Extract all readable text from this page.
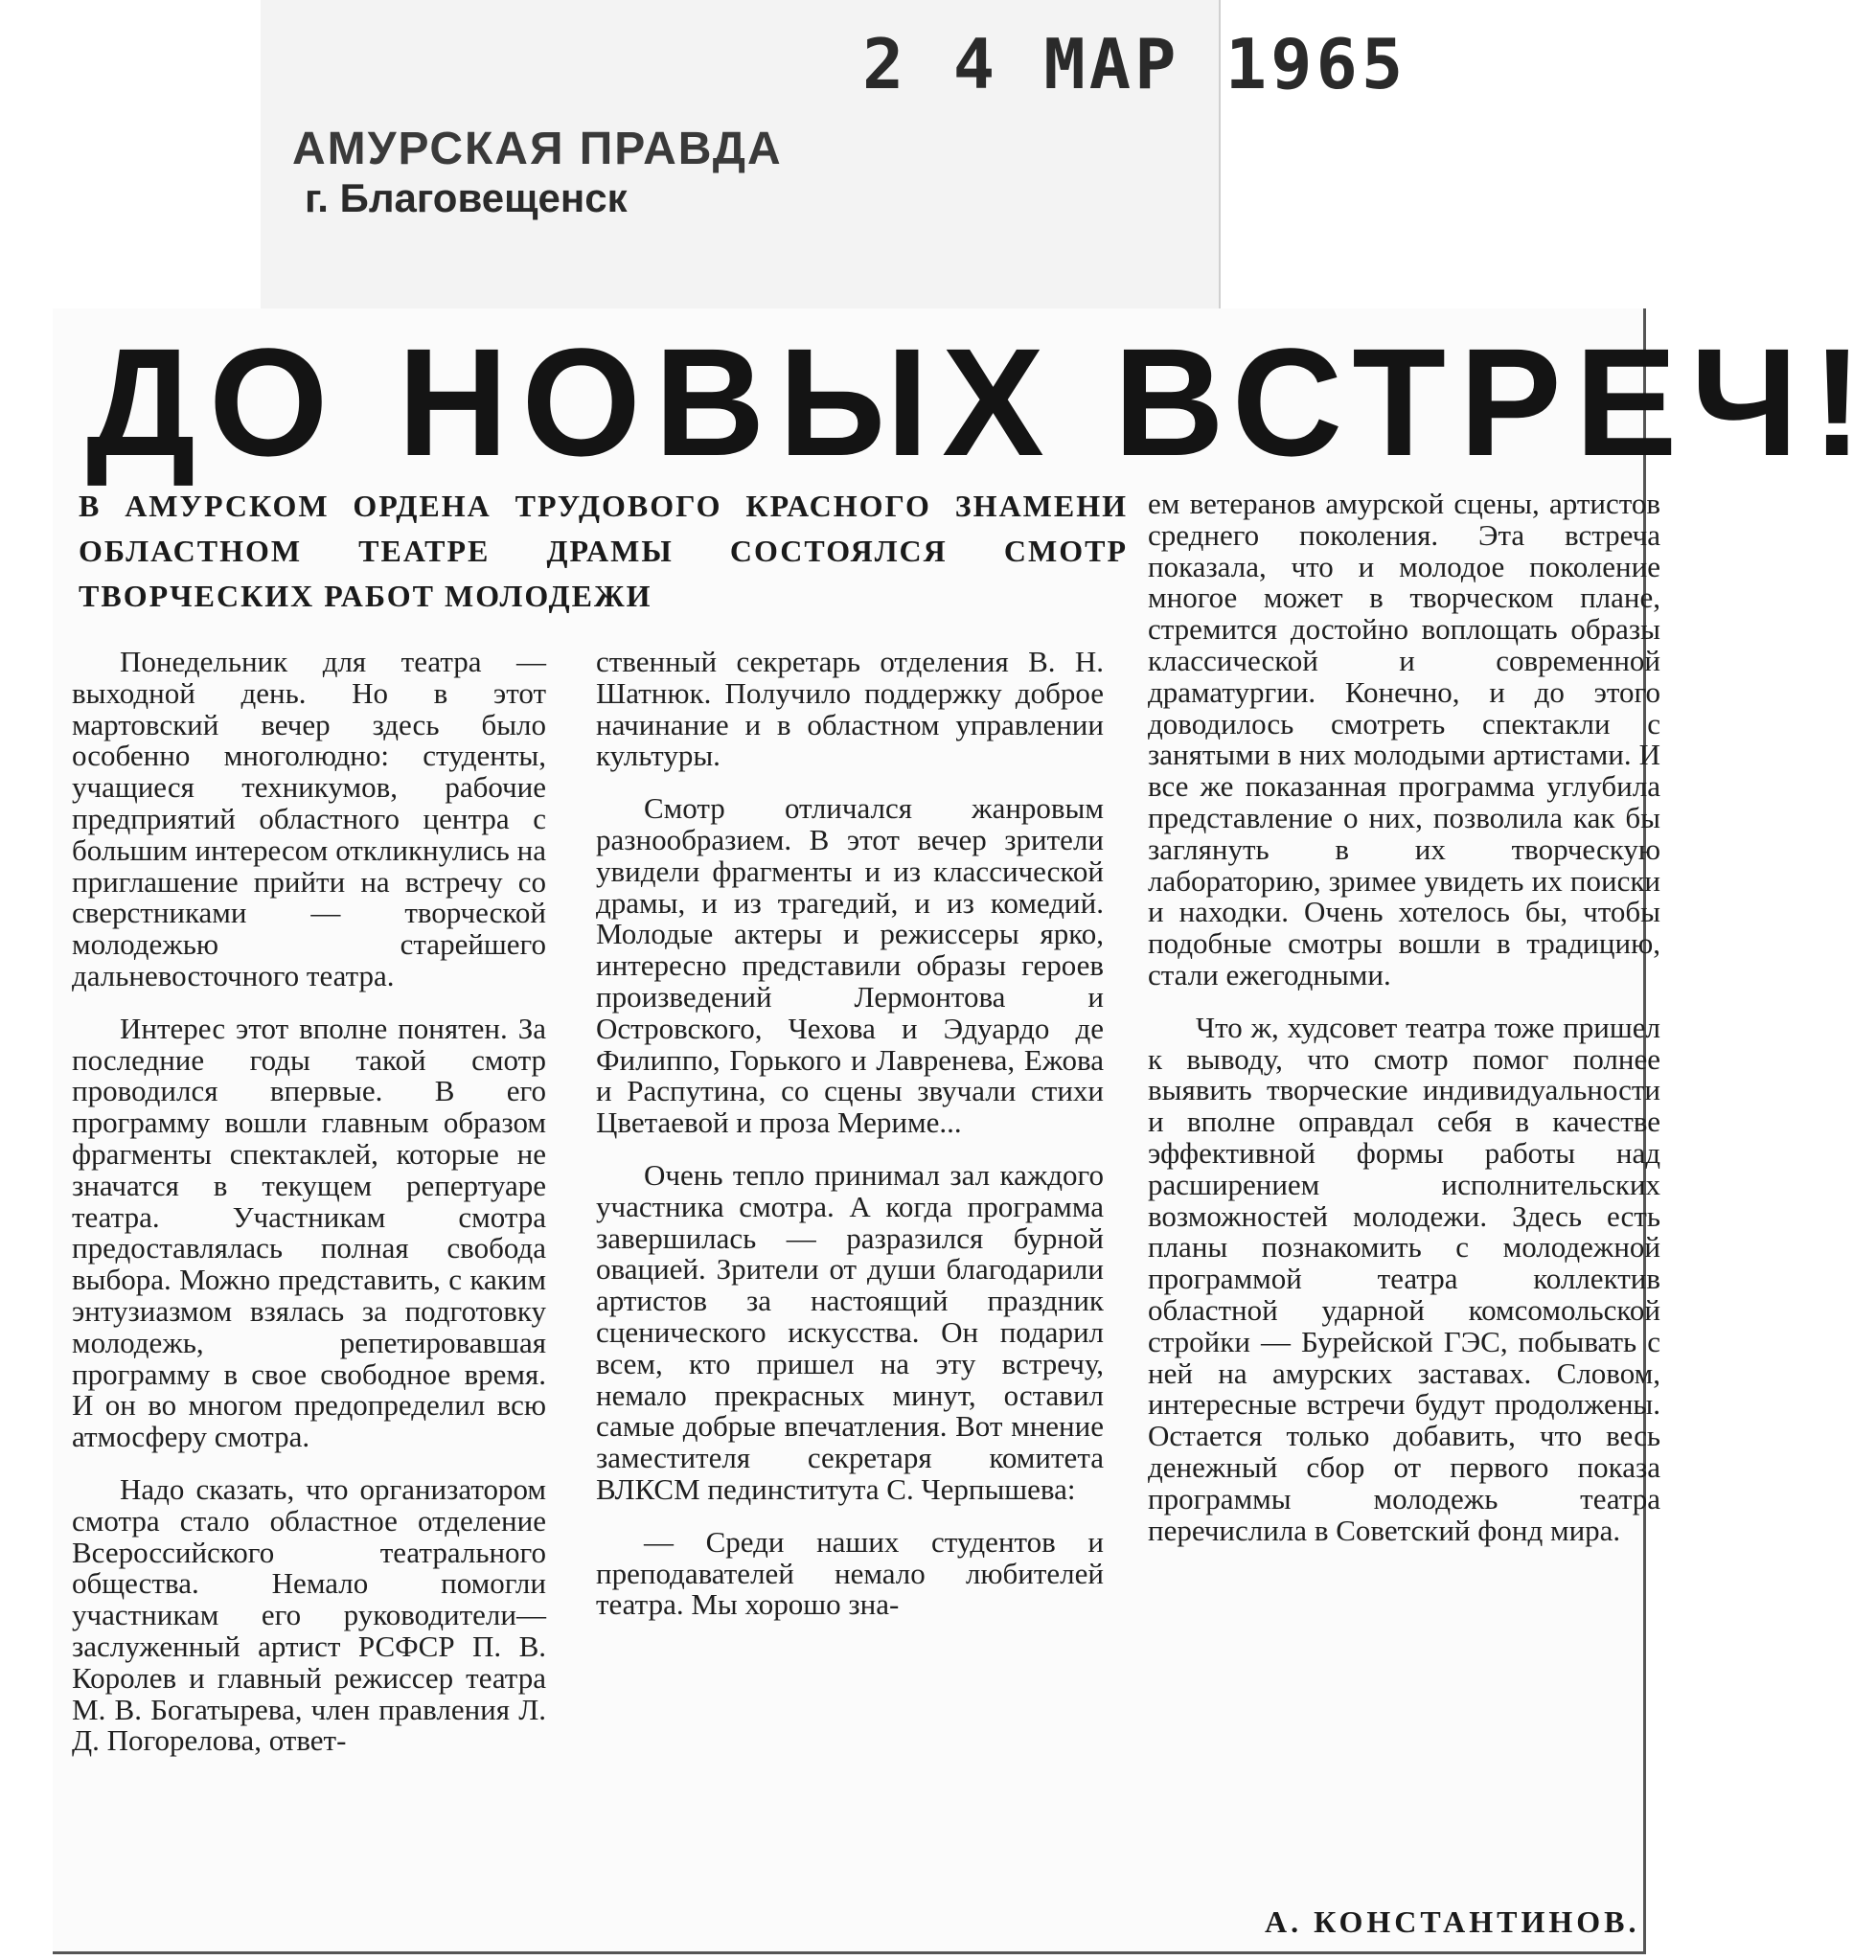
2 4 МАР 1965
АМУРСКАЯ ПРАВДА
г. Благовещенск
ДО НОВЫХ ВСТРЕЧ!
В АМУРСКОМ ОРДЕНА ТРУДОВОГО КРАСНОГО ЗНАМЕНИ ОБЛАСТНОМ ТЕАТРЕ ДРАМЫ СОСТОЯЛСЯ СМОТР ТВОРЧЕСКИХ РАБОТ МОЛОДЕЖИ

Понедельник для театра — выходной день. Но в этот мартовский вечер здесь было особенно многолюдно: студенты, учащиеся техникумов, рабочие предприятий областного центра с большим интересом откликнулись на приглашение прийти на встречу со сверстниками — творческой молодежью старейшего дальневосточного театра.

Интерес этот вполне понятен. За последние годы такой смотр проводился впервые. В его программу вошли главным образом фрагменты спектаклей, которые не значатся в текущем репертуаре театра. Участникам смотра предоставлялась полная свобода выбора. Можно представить, с каким энтузиазмом взялась за подготовку молодежь, репетировавшая программу в свое свободное время. И он во многом предопределил всю атмосферу смотра.

Надо сказать, что организатором смотра стало областное отделение Всероссийского театрального общества. Немало помогли участникам его руководители—заслуженный артист РСФСР П. В. Королев и главный режиссер театра М. В. Богатырева, член правления Л. Д. Погорелова, ответ-

ственный секретарь отделения В. Н. Шатнюк. Получило поддержку доброе начинание и в областном управлении культуры.

Смотр отличался жанровым разнообразием. В этот вечер зрители увидели фрагменты и из классической драмы, и из трагедий, и из комедий. Молодые актеры и режиссеры ярко, интересно представили образы героев произведений Лермонтова и Островского, Чехова и Эдуардо де Филиппо, Горького и Лавренева, Ежова и Распутина, со сцены звучали стихи Цветаевой и проза Мериме...

Очень тепло принимал зал каждого участника смотра. А когда программа завершилась — разразился бурной овацией. Зрители от души благодарили артистов за настоящий праздник сценического искусства. Он подарил всем, кто пришел на эту встречу, немало прекрасных минут, оставил самые добрые впечатления. Вот мнение заместителя секретаря комитета ВЛКСМ пединститута С. Черпышева:

— Среди наших студентов и преподавателей немало любителей театра. Мы хорошо зна-

ем ветеранов амурской сцены, артистов среднего поколения. Эта встреча показала, что и молодое поколение многое может в творческом плане, стремится достойно воплощать образы классической и современной драматургии. Конечно, и до этого доводилось смотреть спектакли с занятыми в них молодыми артистами. И все же показанная программа углубила представление о них, позволила как бы заглянуть в их творческую лабораторию, зримее увидеть их поиски и находки. Очень хотелось бы, чтобы подобные смотры вошли в традицию, стали ежегодными.

Что ж, худсовет театра тоже пришел к выводу, что смотр помог полнее выявить творческие индивидуальности и вполне оправдал себя в качестве эффективной формы работы над расширением исполнительских возможностей молодежи. Здесь есть планы познакомить с молодежной программой театра коллектив областной ударной комсомольской стройки — Бурейской ГЭС, побывать с ней на амурских заставах. Словом, интересные встречи будут продолжены. Остается только добавить, что весь денежный сбор от первого показа программы молодежь театра перечислила в Советский фонд мира.

А. КОНСТАНТИНОВ.
